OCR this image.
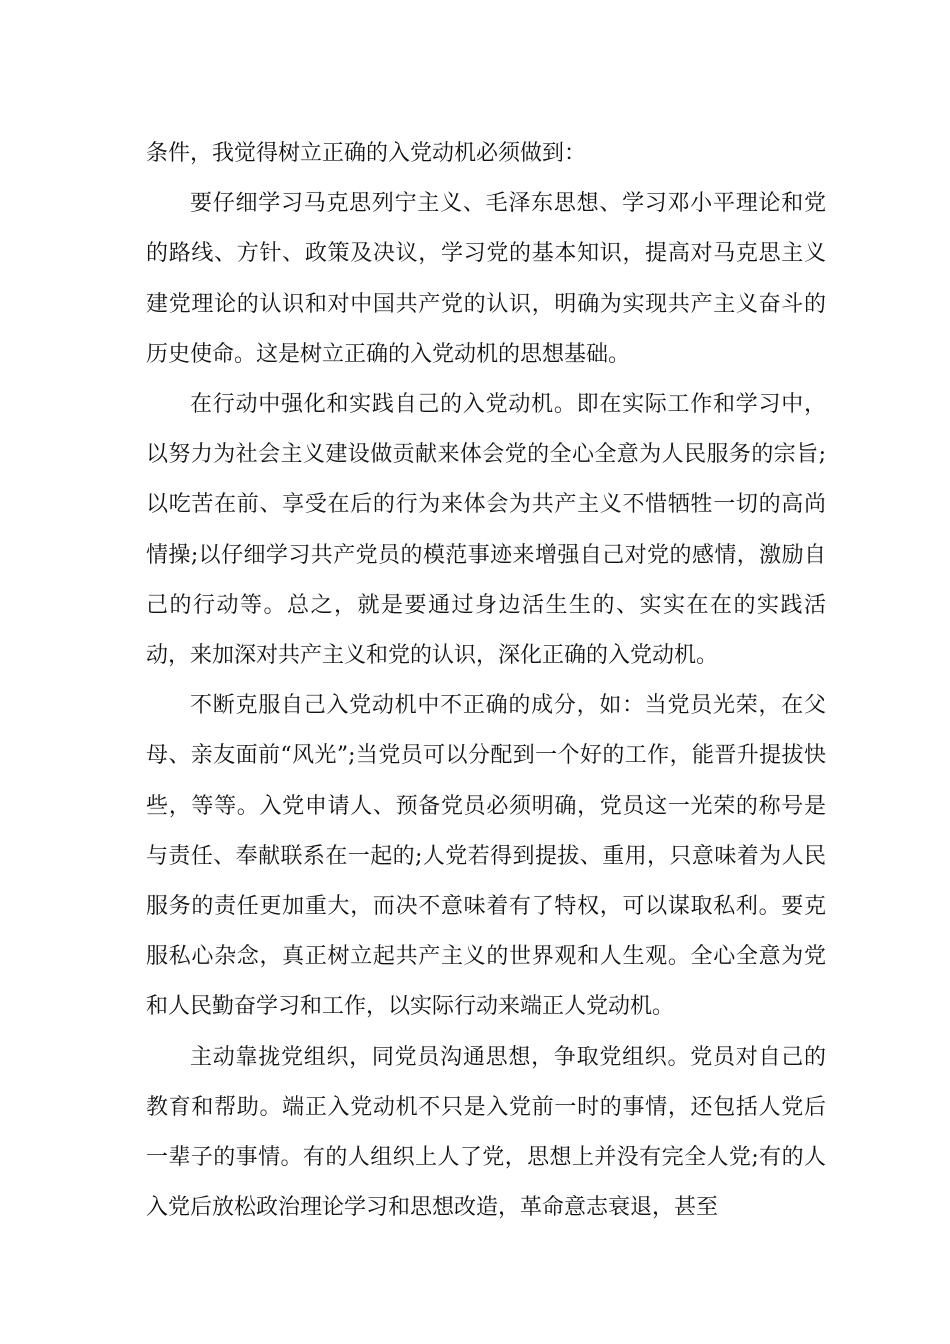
条件，我觉得树立正确的入党动机必须做到：

要仔细学习马克思列宁主义、毛泽东思想、学习邓小平理论和党的路线、方针、政策及决议，学习党的基本知识，提高对马克思主义建党理论的认识和对中国共产党的认识，明确为实现共产主义奋斗的历史使命。这是树立正确的入党动机的思想基础。

在行动中强化和实践自己的入党动机。即在实际工作和学习中，以努力为社会主义建设做贡献来体会党的全心全意为人民服务的宗旨;以吃苦在前、享受在后的行为来体会为共产主义不惜牺牲一切的高尚情操;以仔细学习共产党员的模范事迹来增强自己对党的感情，激励自己的行动等。总之，就是要通过身边活生生的、实实在在的实践活动，来加深对共产主义和党的认识，深化正确的入党动机。

不断克服自己入党动机中不正确的成分，如：当党员光荣，在父母、亲友面前“风光”;当党员可以分配到一个好的工作，能晋升提拔快些，等等。入党申请人、预备党员必须明确，党员这一光荣的称号是与责任、奉献联系在一起的;人党若得到提拔、重用，只意味着为人民服务的责任更加重大，而决不意味着有了特权，可以谋取私利。要克服私心杂念，真正树立起共产主义的世界观和人生观。全心全意为党和人民勤奋学习和工作，以实际行动来端正人党动机。

主动靠拢党组织，同党员沟通思想，争取党组织。党员对自己的教育和帮助。端正入党动机不只是入党前一时的事情，还包括人党后一辈子的事情。有的人组织上人了党，思想上并没有完全人党;有的人入党后放松政治理论学习和思想改造，革命意志衰退，甚至
